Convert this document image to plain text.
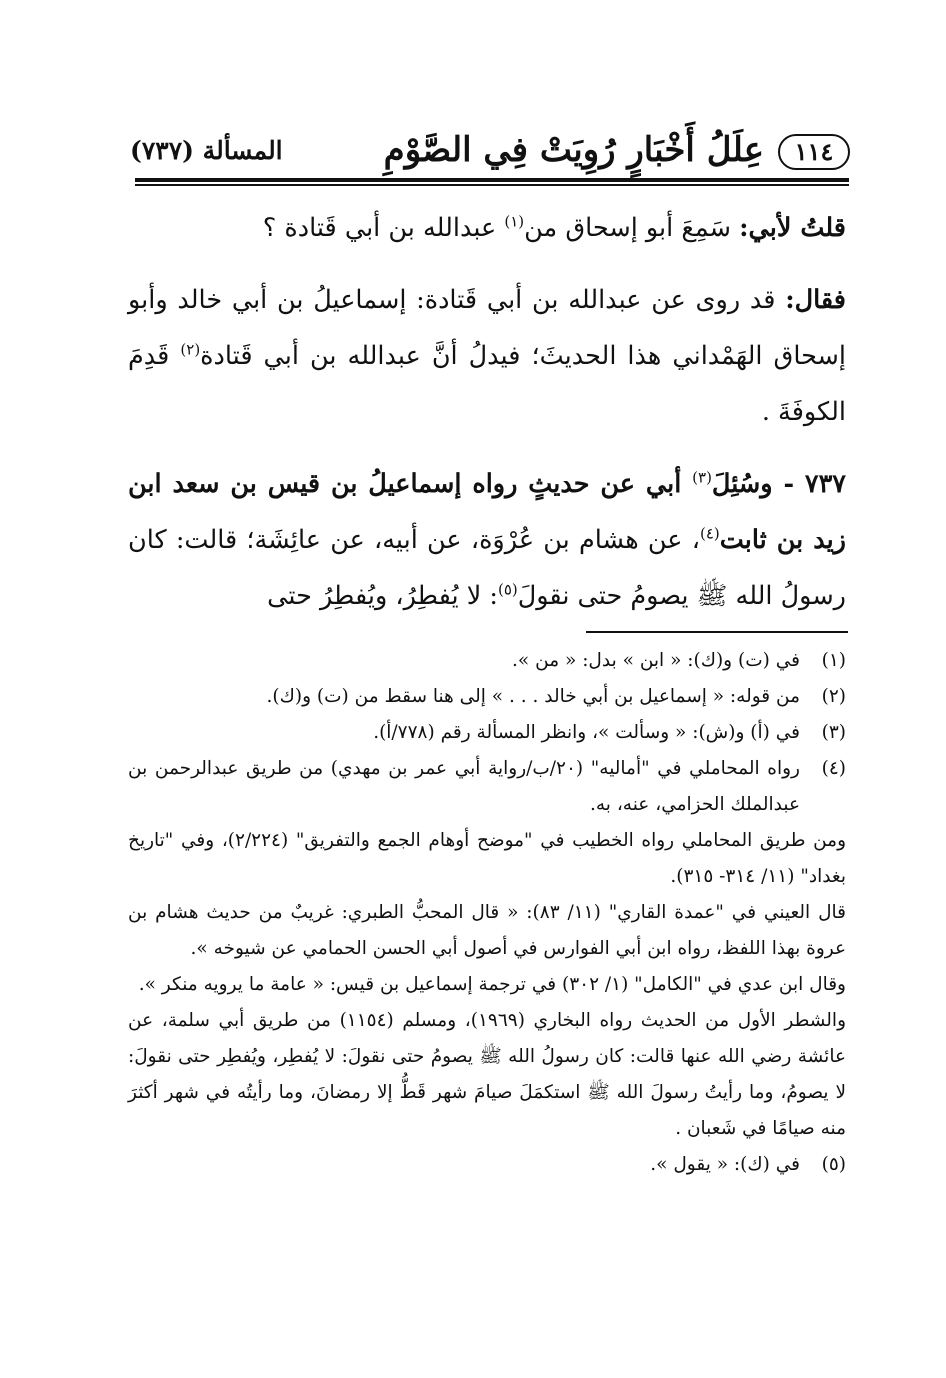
١١٤
عِلَلُ أَخْبَارٍ رُوِيَتْ فِي الصَّوْمِ
المسألة (٧٣٧)

قلتُ لأبي: سَمِعَ أبو إسحاق من$^{(١)}$ عبدالله بن أبي قَتادة ؟

فقال: قد روى عن عبدالله بن أبي قَتادة: إسماعيلُ بن أبي خالد وأبو إسحاق الهَمْداني هذا الحديثَ؛ فيدلُ أنَّ عبدالله بن أبي قَتادة$^{(٢)}$ قَدِمَ الكوفَةَ .

٧٣٧ - وسُئِلَ$^{(٣)}$ أبي عن حديثٍ رواه إسماعيلُ بن قيس بن سعد ابن زيد بن ثابت$^{(٤)}$، عن هشام بن عُرْوَة، عن أبيه، عن عائِشَة؛ قالت: كان رسولُ الله ﷺ يصومُ حتى نقولَ$^{(٥)}$: لا يُفطِرُ، ويُفطِرُ حتى

(١)
في (ت) و(ك): « ابن » بدل: « من ».
(٢)
من قوله: « إسماعيل بن أبي خالد . . . » إلى هنا سقط من (ت) و(ك).
(٣)
في (أ) و(ش): « وسألت »، وانظر المسألة رقم (٧٧٨/أ).
(٤)
رواه المحاملي في "أماليه" (٢٠/ب/رواية أبي عمر بن مهدي) من طريق عبدالرحمن بن عبدالملك الحزامي، عنه، به.
ومن طريق المحاملي رواه الخطيب في "موضح أوهام الجمع والتفريق" (٢/٢٢٤)، وفي "تاريخ بغداد" (١١/ ٣١٤- ٣١٥).
قال العيني في "عمدة القاري" (١١/ ٨٣): « قال المحبُّ الطبري: غريبٌ من حديث هشام بن عروة بهذا اللفظ، رواه ابن أبي الفوارس في أصول أبي الحسن الحمامي عن شيوخه ».
وقال ابن عدي في "الكامل" (١/ ٣٠٢) في ترجمة إسماعيل بن قيس: « عامة ما يرويه منكر ».
والشطر الأول من الحديث رواه البخاري (١٩٦٩)، ومسلم (١١٥٤) من طريق أبي سلمة، عن عائشة رضي الله عنها قالت: كان رسولُ الله ﷺ يصومُ حتى نقولَ: لا يُفطِر، ويُفطِر حتى نقولَ: لا يصومُ، وما رأيتُ رسولَ الله ﷺ استكمَلَ صيامَ شهر قَطُّ إلا رمضانَ، وما رأيتُه في شهر أكثرَ منه صيامًا في شَعبان .
(٥)
في (ك): « يقول ».
